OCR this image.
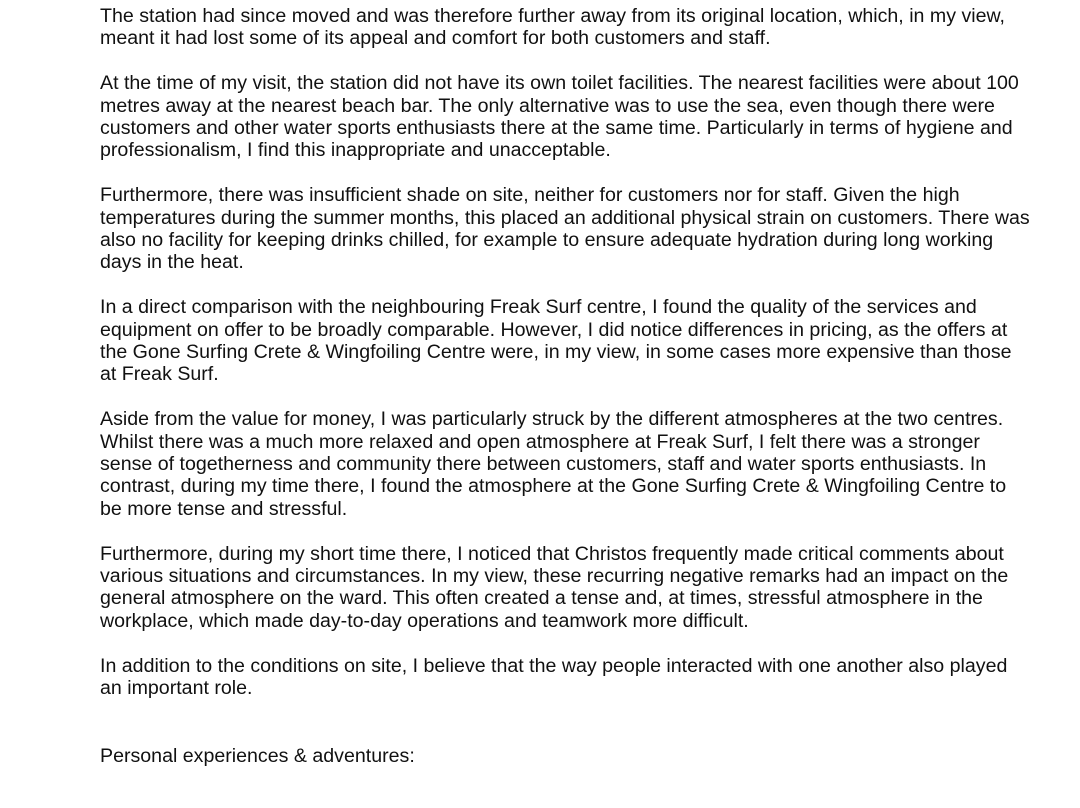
The station had since moved and was therefore further away from its original location, which, in my view, meant it had lost some of its appeal and comfort for both customers and staff.

At the time of my visit, the station did not have its own toilet facilities. The nearest facilities were about 100 metres away at the nearest beach bar. The only alternative was to use the sea, even though there were customers and other water sports enthusiasts there at the same time. Particularly in terms of hygiene and professionalism, I find this inappropriate and unacceptable.

Furthermore, there was insufficient shade on site, neither for customers nor for staff. Given the high temperatures during the summer months, this placed an additional physical strain on customers. There was also no facility for keeping drinks chilled, for example to ensure adequate hydration during long working days in the heat.

In a direct comparison with the neighbouring Freak Surf centre, I found the quality of the services and equipment on offer to be broadly comparable. However, I did notice differences in pricing, as the offers at the Gone Surfing Crete & Wingfoiling Centre were, in my view, in some cases more expensive than those at Freak Surf.

Aside from the value for money, I was particularly struck by the different atmospheres at the two centres. Whilst there was a much more relaxed and open atmosphere at Freak Surf, I felt there was a stronger sense of togetherness and community there between customers, staff and water sports enthusiasts. In contrast, during my time there, I found the atmosphere at the Gone Surfing Crete & Wingfoiling Centre to be more tense and stressful.

Furthermore, during my short time there, I noticed that Christos frequently made critical comments about various situations and circumstances. In my view, these recurring negative remarks had an impact on the general atmosphere on the ward. This often created a tense and, at times, stressful atmosphere in the workplace, which made day-to-day operations and teamwork more difficult.

In addition to the conditions on site, I believe that the way people interacted with one another also played an important role.

Personal experiences & adventures:
